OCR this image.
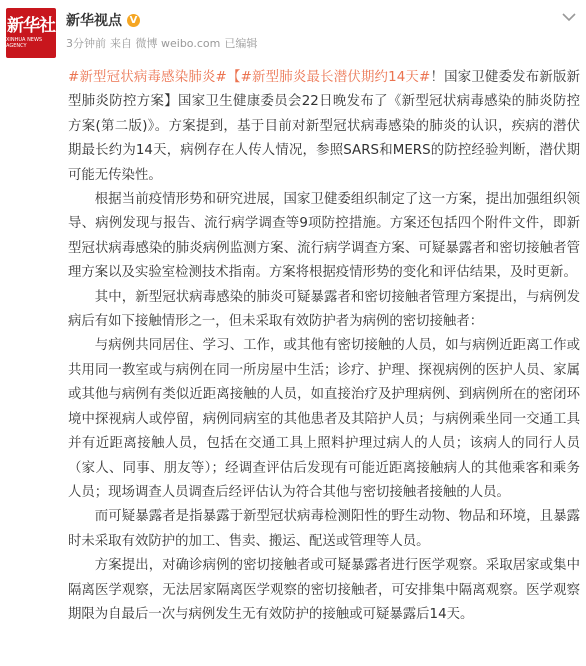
新华社
XINHUA NEWS AGENCY
新华视点 V
3分钟前 来自 微博 weibo.com 已编辑

#新型冠状病毒感染肺炎#【#新型肺炎最长潜伏期约14天#！国家卫健委发布新版新型肺炎防控方案】国家卫生健康委员会22日晚发布了《新型冠状病毒感染的肺炎防控方案(第二版)》。方案提到，基于目前对新型冠状病毒感染的肺炎的认识，疾病的潜伏期最长约为14天，病例存在人传人情况，参照SARS和MERS的防控经验判断，潜伏期可能无传染性。

根据当前疫情形势和研究进展，国家卫健委组织制定了这一方案，提出加强组织领导、病例发现与报告、流行病学调查等9项防控措施。方案还包括四个附件文件，即新型冠状病毒感染的肺炎病例监测方案、流行病学调查方案、可疑暴露者和密切接触者管理方案以及实验室检测技术指南。方案将根据疫情形势的变化和评估结果，及时更新。

其中，新型冠状病毒感染的肺炎可疑暴露者和密切接触者管理方案提出，与病例发病后有如下接触情形之一，但未采取有效防护者为病例的密切接触者：

与病例共同居住、学习、工作，或其他有密切接触的人员，如与病例近距离工作或共用同一教室或与病例在同一所房屋中生活；诊疗、护理、探视病例的医护人员、家属或其他与病例有类似近距离接触的人员，如直接治疗及护理病例、到病例所在的密闭环境中探视病人或停留，病例同病室的其他患者及其陪护人员；与病例乘坐同一交通工具并有近距离接触人员，包括在交通工具上照料护理过病人的人员；该病人的同行人员（家人、同事、朋友等）；经调查评估后发现有可能近距离接触病人的其他乘客和乘务人员；现场调查人员调查后经评估认为符合其他与密切接触者接触的人员。

而可疑暴露者是指暴露于新型冠状病毒检测阳性的野生动物、物品和环境，且暴露时未采取有效防护的加工、售卖、搬运、配送或管理等人员。

方案提出，对确诊病例的密切接触者或可疑暴露者进行医学观察。采取居家或集中隔离医学观察，无法居家隔离医学观察的密切接触者，可安排集中隔离观察。医学观察期限为自最后一次与病例发生无有效防护的接触或可疑暴露后14天。
